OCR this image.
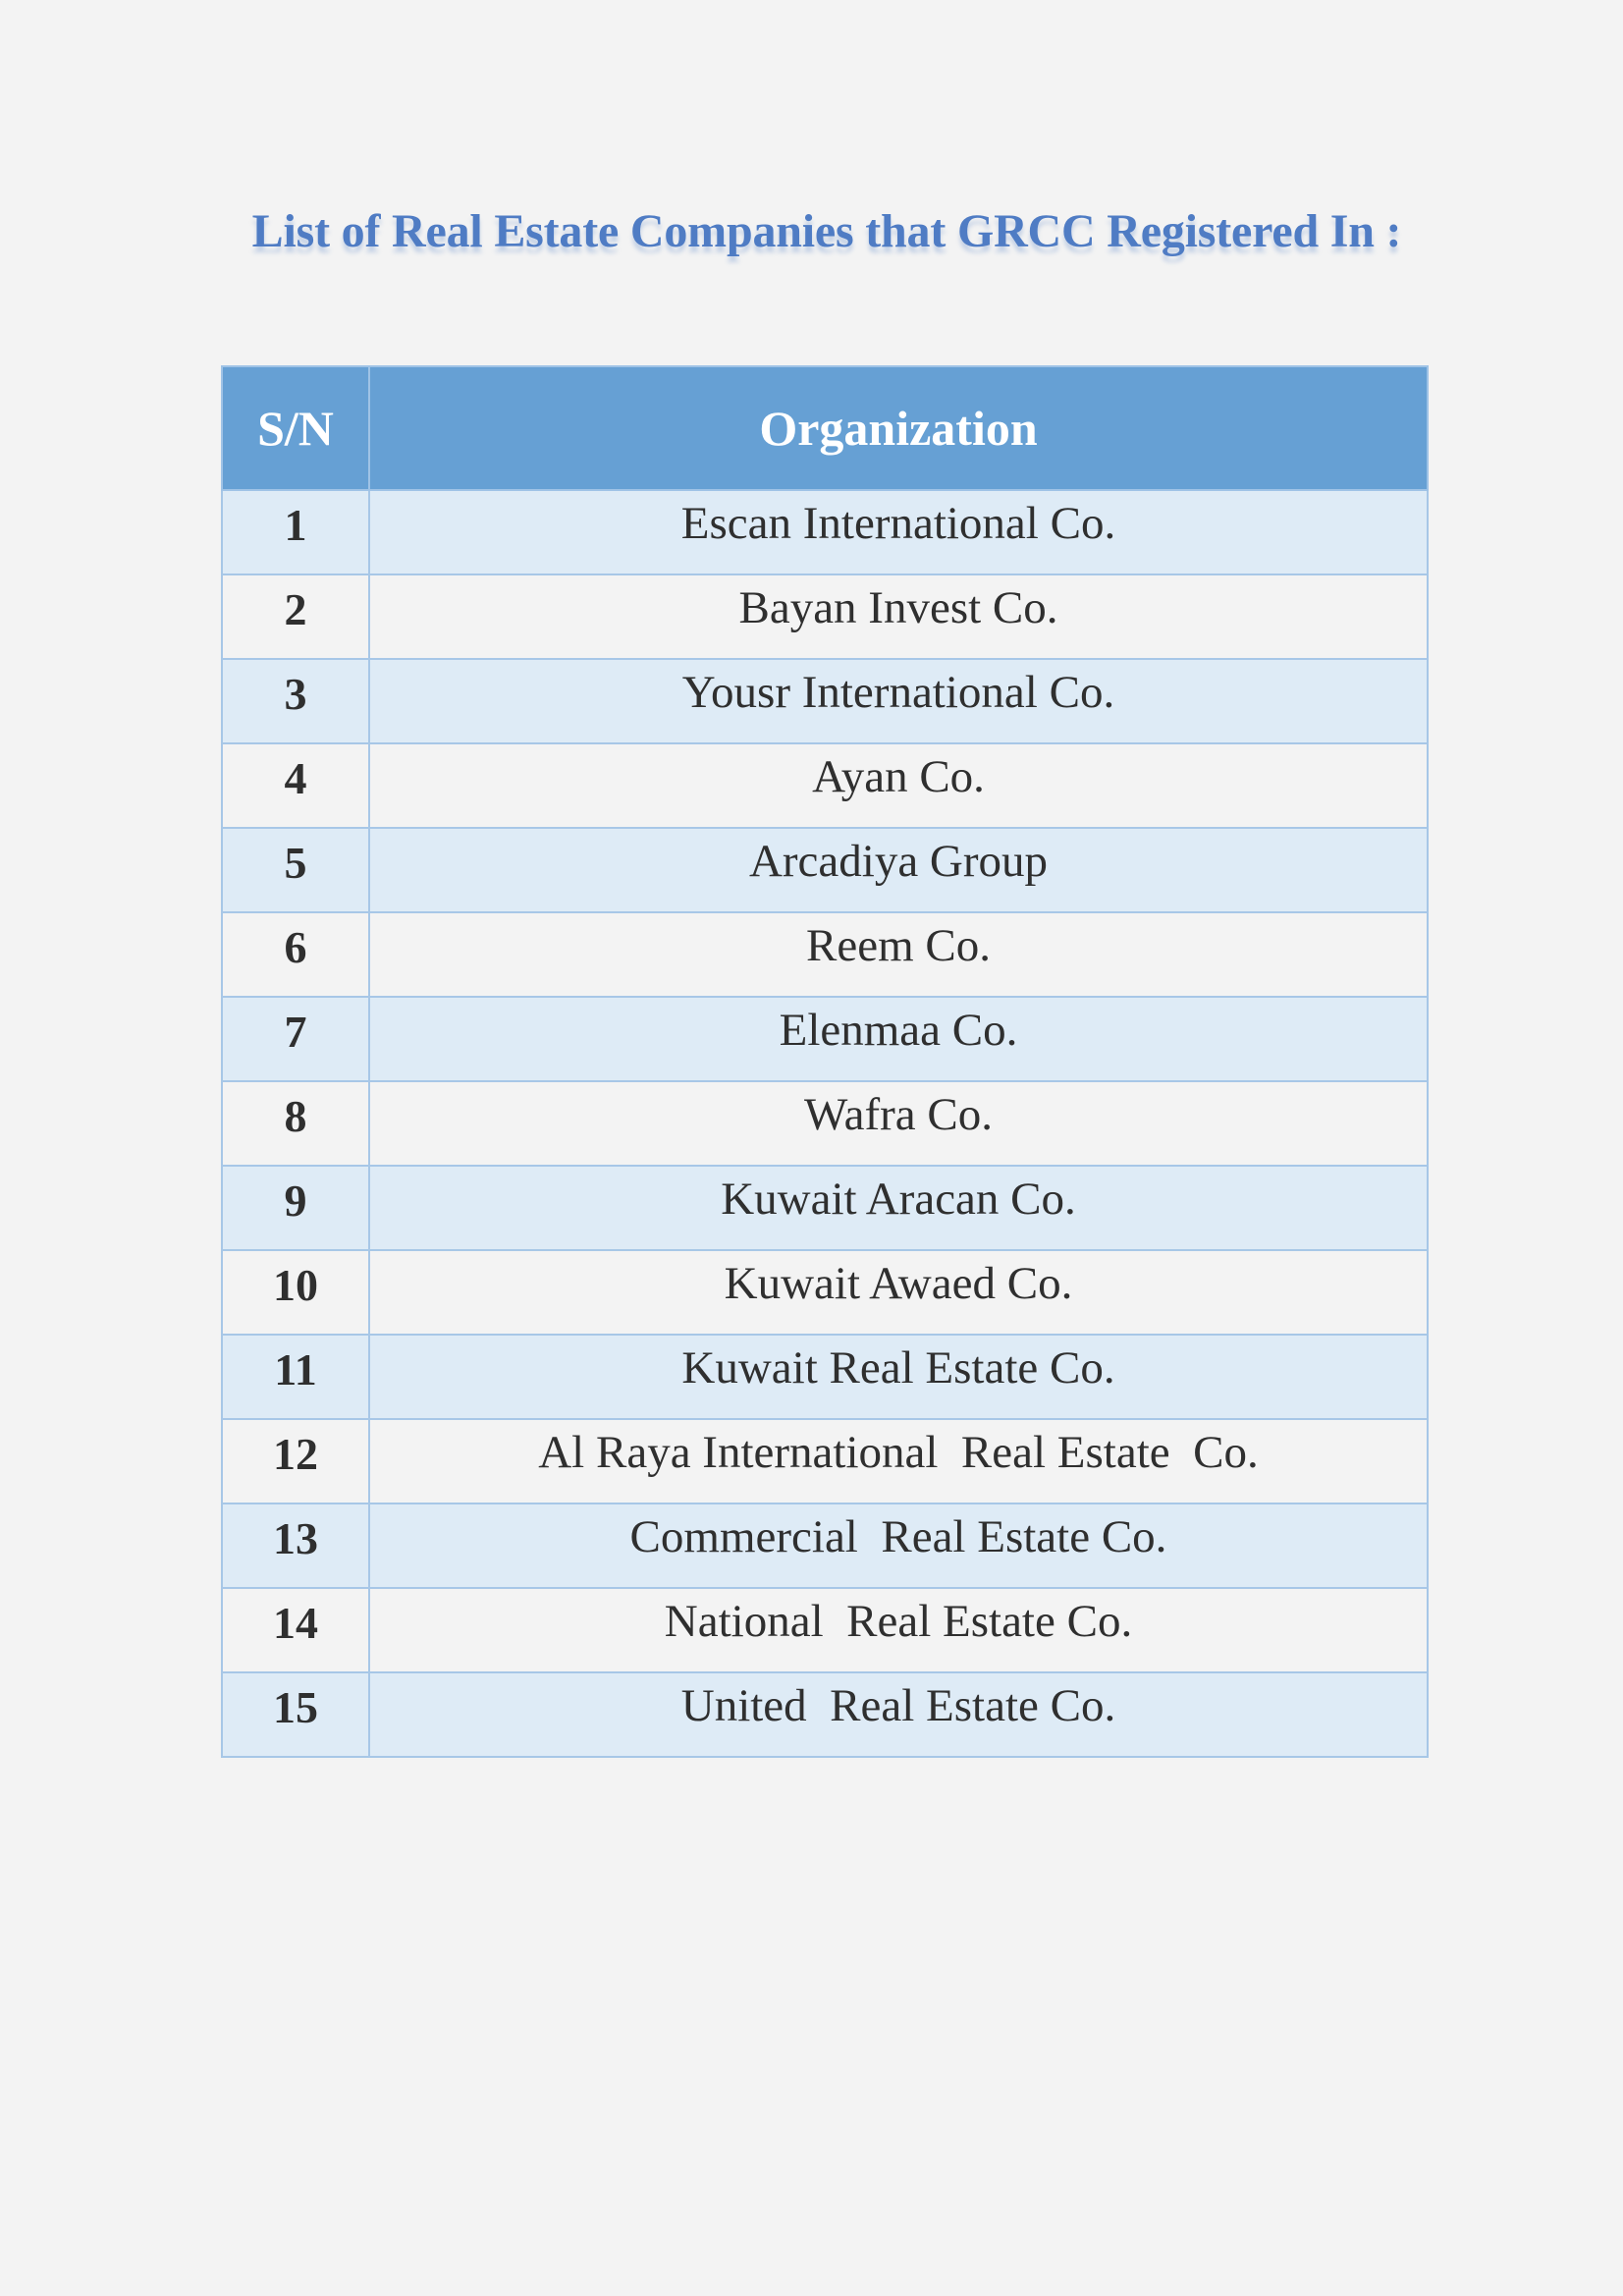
List of Real Estate Companies that GRCC Registered In :
S/N	Organization
1	Escan International Co.
2	Bayan Invest Co.
3	Yousr International Co.
4	Ayan Co.
5	Arcadiya Group
6	Reem Co.
7	Elenmaa Co.
8	Wafra Co.
9	Kuwait Aracan Co.
10	Kuwait Awaed Co.
11	Kuwait Real Estate Co.
12	Al Raya International  Real Estate  Co.
13	Commercial  Real Estate Co.
14	National  Real Estate Co.
15	United  Real Estate Co.
